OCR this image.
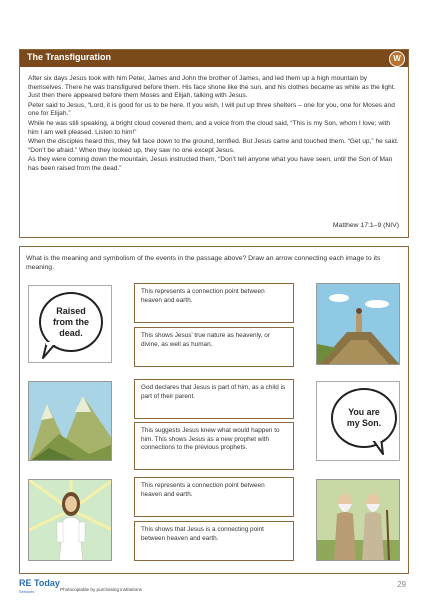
The Transfiguration	W

After six days Jesus took with him Peter, James and John the brother of James, and led them up a high mountain by themselves. There he was transfigured before them. His face shone like the sun, and his clothes became as white as the light. Just then there appeared before them Moses and Elijah, talking with Jesus.

Peter said to Jesus, “Lord, it is good for us to be here. If you wish, I will put up three shelters – one for you, one for Moses and one for Elijah.”

While he was still speaking, a bright cloud covered them, and a voice from the cloud said, “This is my Son, whom I love; with him I am well pleased. Listen to him!”

When the disciples heard this, they fell face down to the ground, terrified. But Jesus came and touched them. “Get up,” he said. “Don’t be afraid.” When they looked up, they saw no one except Jesus.

As they were coming down the mountain, Jesus instructed them, “Don’t tell anyone what you have seen, until the Son of Man has been raised from the dead.”

Matthew 17:1–9 (NIV)
What is the meaning and symbolism of the events in the passage above? Draw an arrow connecting each image to its meaning.
Raised from the dead.
This represents a connection point between heaven and earth.
This shows Jesus’ true nature as heavenly, or divine, as well as human.
God declares that Jesus is part of him, as a child is part of their parent.
This suggests Jesus knew what would happen to him. This shows Jesus as a new prophet with connections to the previous prophets.
This represents a connection point between heaven and earth.
This shows that Jesus is a connecting point between heaven and earth.
You are my Son.
RE Today
Services	Photocopiable by purchasing institutions
29
